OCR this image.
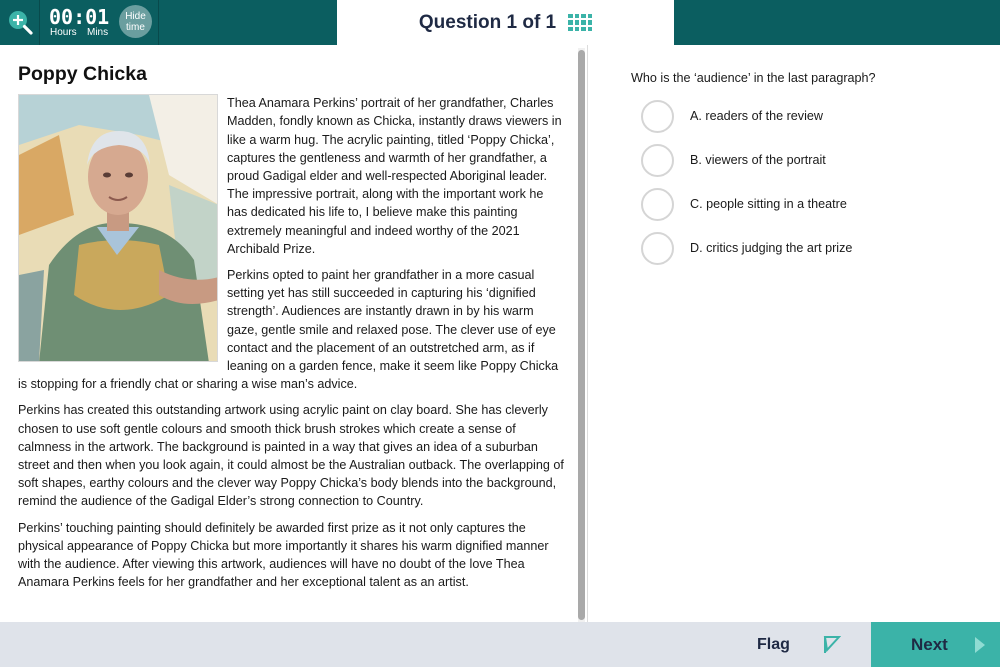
00:01
Hours Mins
Hide
time	Question 1 of 1
Poppy Chicka

Thea Anamara Perkins’ portrait of her grandfather, Charles Madden, fondly known as Chicka, instantly draws viewers in like a warm hug. The acrylic painting, titled ‘Poppy Chicka’, captures the gentleness and warmth of her grandfather, a proud Gadigal elder and well-respected Aboriginal leader. The impressive portrait, along with the important work he has dedicated his life to, I believe make this painting extremely meaningful and indeed worthy of the 2021 Archibald Prize.

Perkins opted to paint her grandfather in a more casual setting yet has still succeeded in capturing his ‘dignified strength’. Audiences are instantly drawn in by his warm gaze, gentle smile and relaxed pose. The clever use of eye contact and the placement of an outstretched arm, as if leaning on a garden fence, make it seem like Poppy Chicka is stopping for a friendly chat or sharing a wise man’s advice.

Perkins has created this outstanding artwork using acrylic paint on clay board. She has cleverly chosen to use soft gentle colours and smooth thick brush strokes which create a sense of calmness in the artwork. The background is painted in a way that gives an idea of a suburban street and then when you look again, it could almost be the Australian outback. The overlapping of soft shapes, earthy colours and the clever way Poppy Chicka’s body blends into the background, remind the audience of the Gadigal Elder’s strong connection to Country.

Perkins’ touching painting should definitely be awarded first prize as it not only captures the physical appearance of Poppy Chicka but more importantly it shares his warm dignified manner with the audience. After viewing this artwork, audiences will have no doubt of the love Thea Anamara Perkins feels for her grandfather and her exceptional talent as an artist.

Who is the ‘audience’ in the last paragraph?
A. readers of the review
B. viewers of the portrait
C. people sitting in a theatre
D. critics judging the art prize
Flag	Next
